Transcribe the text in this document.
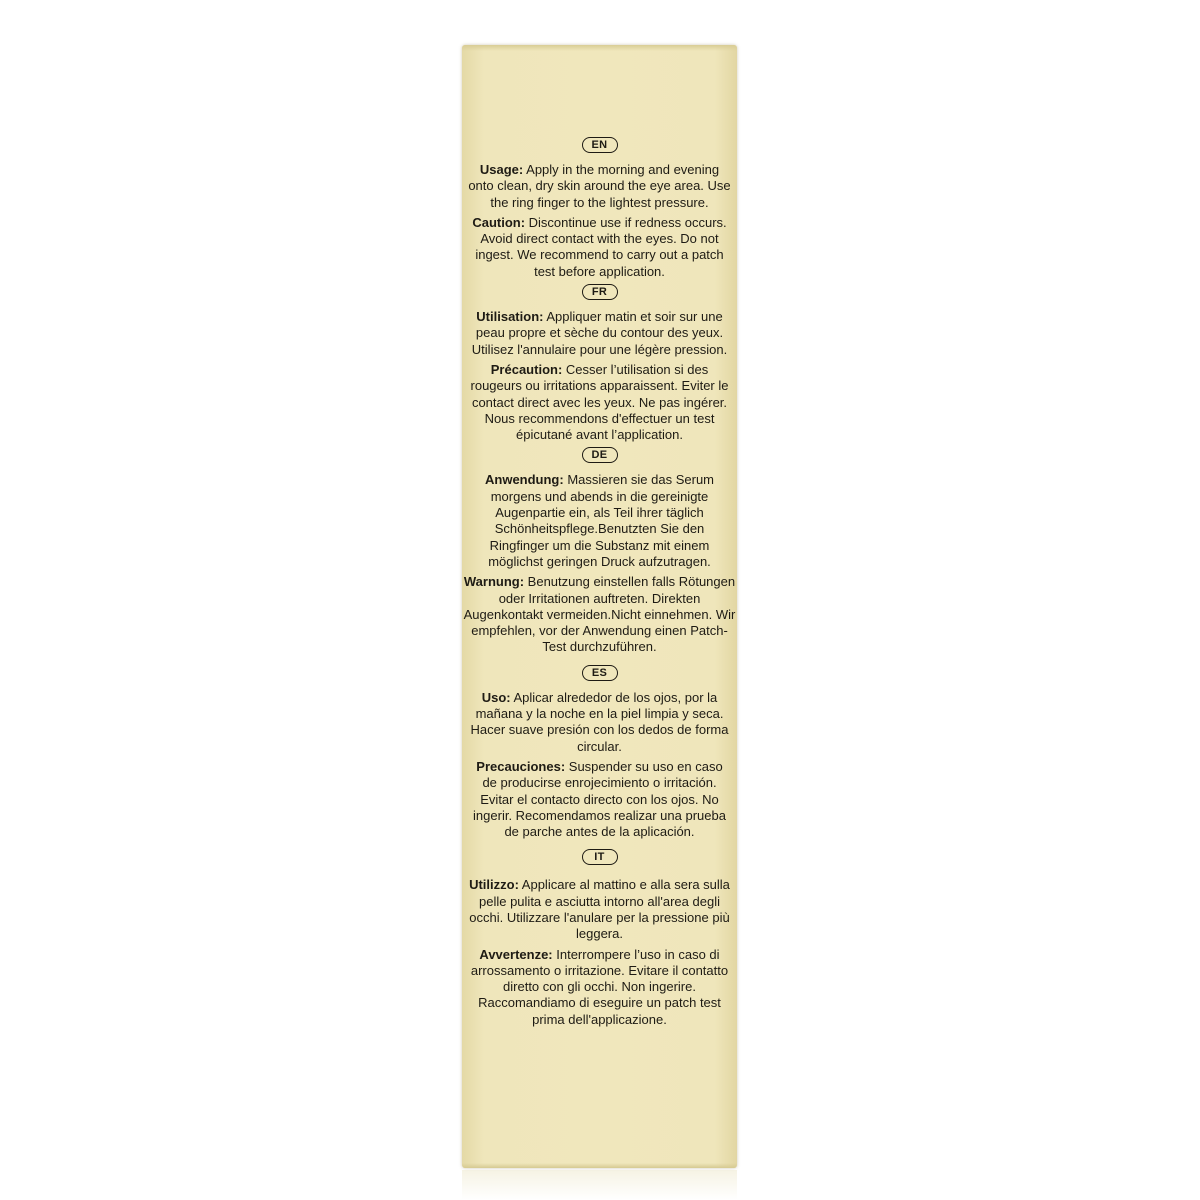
EN

Usage: Apply in the morning and evening onto clean, dry skin around the eye area. Use the ring finger to the lightest pressure.

Caution: Discontinue use if redness occurs. Avoid direct contact with the eyes. Do not ingest. We recommend to carry out a patch test before application.

FR

Utilisation: Appliquer matin et soir sur une peau propre et sèche du contour des yeux. Utilisez l'annulaire pour une légère pression.

Précaution: Cesser l’utilisation si des rougeurs ou irritations apparaissent. Eviter le contact direct avec les yeux. Ne pas ingérer. Nous recommendons d'effectuer un test épicutané avant l’application.

DE

Anwendung: Massieren sie das Serum morgens und abends in die gereinigte Augenpartie ein, als Teil ihrer täglich Schönheitspflege.Benutzten Sie den Ringfinger um die Substanz mit einem möglichst geringen Druck aufzutragen.

Warnung: Benutzung einstellen falls Rötungen oder Irritationen auftreten. Direkten Augenkontakt vermeiden.Nicht einnehmen. Wir empfehlen, vor der Anwendung einen Patch-Test durchzuführen.

ES

Uso: Aplicar alrededor de los ojos, por la mañana y la noche en la piel limpia y seca. Hacer suave presión con los dedos de forma circular.

Precauciones: Suspender su uso en caso de producirse enrojecimiento o irritación. Evitar el contacto directo con los ojos. No ingerir. Recomendamos realizar una prueba de parche antes de la aplicación.

IT

Utilizzo: Applicare al mattino e alla sera sulla pelle pulita e asciutta intorno all'area degli occhi. Utilizzare l'anulare per la pressione più leggera.

Avvertenze: Interrompere l’uso in caso di arrossamento o irritazione. Evitare il contatto diretto con gli occhi. Non ingerire. Raccomandiamo di eseguire un patch test prima dell'applicazione.
